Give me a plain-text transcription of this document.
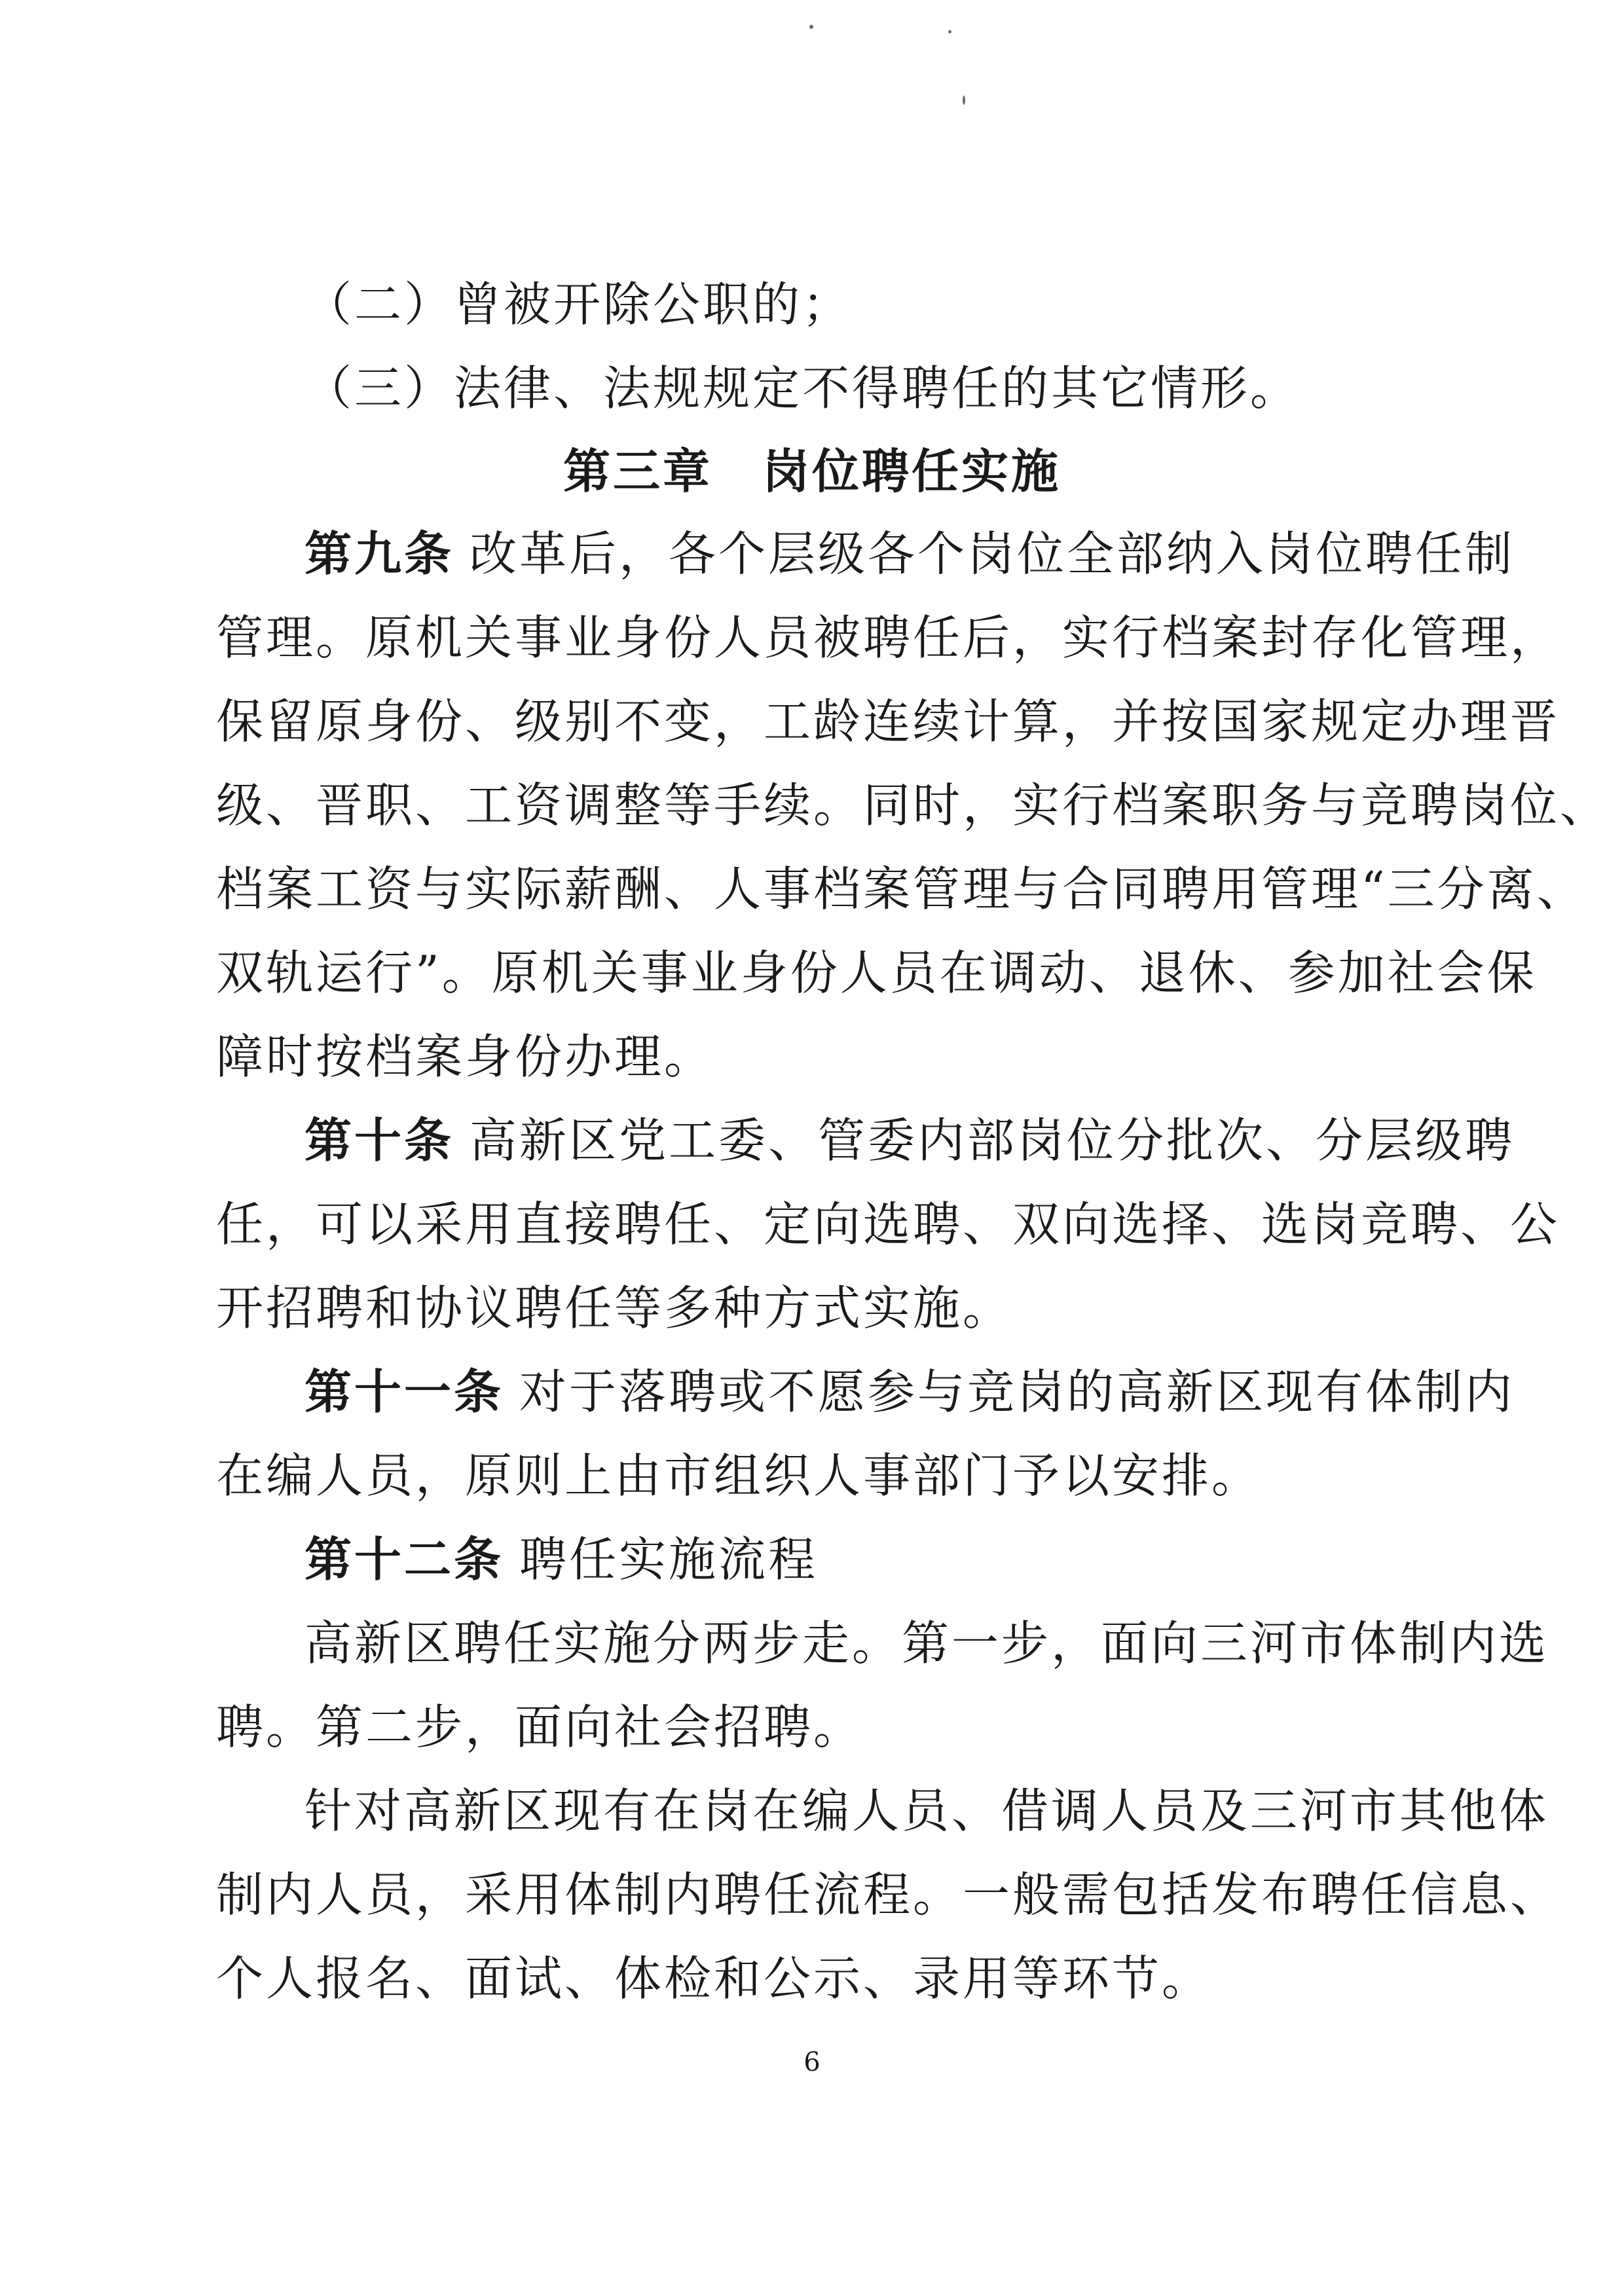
（二）曾被开除公职的；
（三）法律、法规规定不得聘任的其它情形。
第三章　岗位聘任实施
第九条 改革后，各个层级各个岗位全部纳入岗位聘任制
管理。原机关事业身份人员被聘任后，实行档案封存化管理，
保留原身份、级别不变，工龄连续计算，并按国家规定办理晋
级、晋职、工资调整等手续。同时，实行档案职务与竞聘岗位、
档案工资与实际薪酬、人事档案管理与合同聘用管理“三分离、
双轨运行”。原机关事业身份人员在调动、退休、参加社会保
障时按档案身份办理。
第十条 高新区党工委、管委内部岗位分批次、分层级聘
任，可以采用直接聘任、定向选聘、双向选择、选岗竞聘、公
开招聘和协议聘任等多种方式实施。
第十一条 对于落聘或不愿参与竞岗的高新区现有体制内
在编人员，原则上由市组织人事部门予以安排。
第十二条 聘任实施流程
高新区聘任实施分两步走。第一步，面向三河市体制内选
聘。第二步，面向社会招聘。
针对高新区现有在岗在编人员、借调人员及三河市其他体
制内人员，采用体制内聘任流程。一般需包括发布聘任信息、
个人报名、面试、体检和公示、录用等环节。
6
